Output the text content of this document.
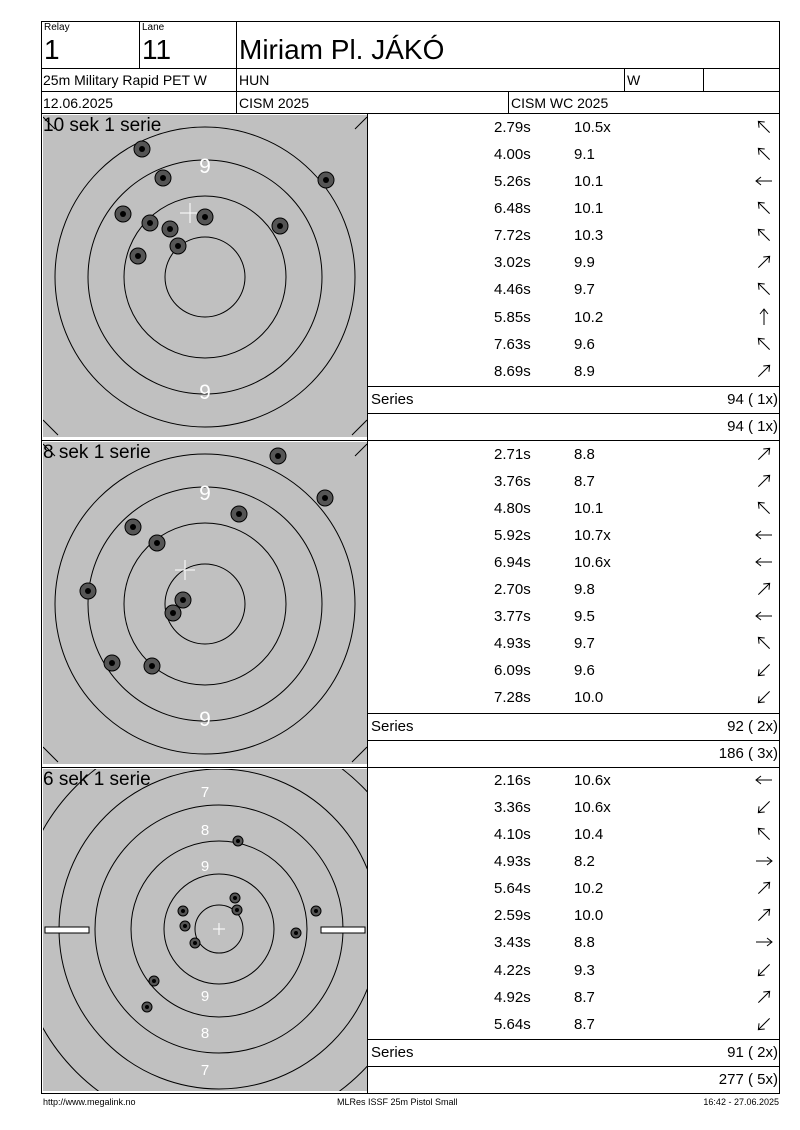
Relay
1
Lane
11 Miriam Pl. JÁKÓ
25m Military Rapid PET W HUN	W
12.06.2025	CISM 2025	CISM WC 2025
9
9
10 sek 1 serie	2.79s	10.5x
4.00s	9.1
5.26s	10.1
6.48s	10.1
7.72s	10.3
3.02s	9.9
4.46s	9.7
5.85s	10.2
7.63s	9.6
8.69s	8.9
Series	94 ( 1x)
94 ( 1x)
9
9
8 sek 1 serie	2.71s	8.8
3.76s	8.7
4.80s	10.1
5.92s	10.7x
6.94s	10.6x
2.70s	9.8
3.77s	9.5
4.93s	9.7
6.09s	9.6
7.28s	10.0
Series	92 ( 2x)
186 ( 3x)
7
8
9
9
8
7
6 sek 1 serie	2.16s	10.6x
3.36s	10.6x
4.10s	10.4
4.93s	8.2
5.64s	10.2
2.59s	10.0
3.43s	8.8
4.22s	9.3
4.92s	8.7
5.64s	8.7
Series	91 ( 2x)
277 ( 5x)
http://www.megalink.no	MLRes ISSF 25m Pistol Small	16:42 - 27.06.2025
